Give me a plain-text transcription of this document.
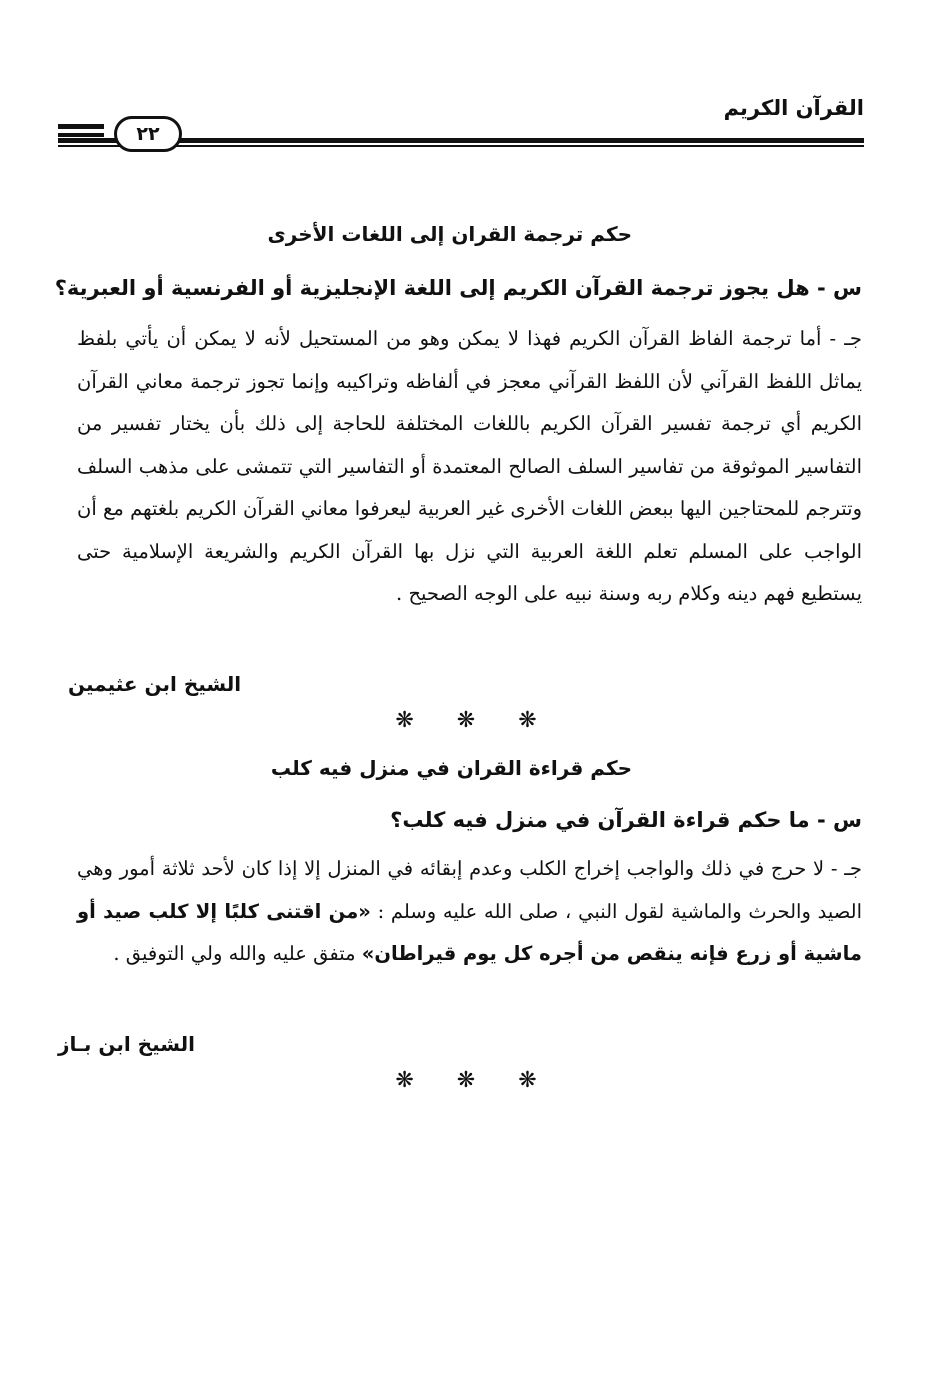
القرآن الكريم
٢٢
حكم ترجمة القران إلى اللغات الأخرى
س - هل يجوز ترجمة القرآن الكريم إلى اللغة الإنجليزية أو الفرنسية أو العبرية؟
جـ - أما ترجمة الفاظ القرآن الكريم فهذا لا يمكن وهو من المستحيل لأنه لا يمكن أن يأتي بلفظ يماثل اللفظ القرآني لأن اللفظ القرآني معجز في ألفاظه وتراكيبه وإنما تجوز ترجمة معاني القرآن الكريم أي ترجمة تفسير القرآن الكريم باللغات المختلفة للحاجة إلى ذلك بأن يختار تفسير من التفاسير الموثوقة من تفاسير السلف الصالح المعتمدة أو التفاسير التي تتمشى على مذهب السلف وتترجم للمحتاجين اليها ببعض اللغات الأخرى غير العربية ليعرفوا معاني القرآن الكريم بلغتهم مع أن الواجب على المسلم تعلم اللغة العربية التي نزل بها القرآن الكريم والشريعة الإسلامية حتى يستطيع فهم دينه وكلام ربه وسنة نبيه على الوجه الصحيح .
الشيخ ابن عثيمين
❋ ❋ ❋
حكم قراءة القران في منزل فيه كلب
س - ما حكم قراءة القرآن في منزل فيه كلب؟
جـ - لا حرج في ذلك والواجب إخراج الكلب وعدم إبقائه في المنزل إلا إذا كان لأحد ثلاثة أمور وهي الصيد والحرث والماشية لقول النبي ، صلى الله عليه وسلم : «من اقتنى كلبًا إلا كلب صيد أو ماشية أو زرع فإنه ينقص من أجره كل يوم قيراطان» متفق عليه والله ولي التوفيق .
الشيخ ابن بـاز
❋ ❋ ❋
